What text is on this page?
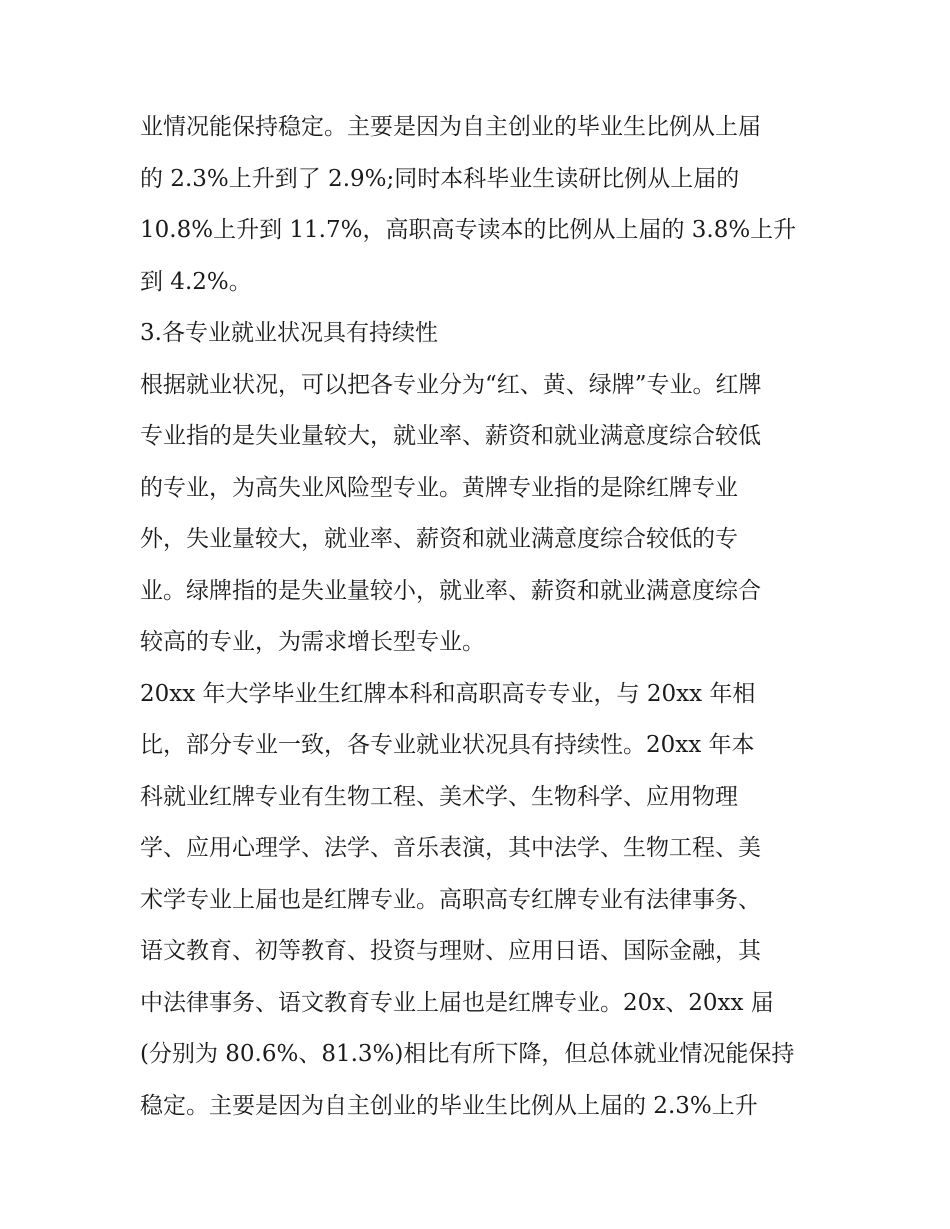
业情况能保持稳定。主要是因为自主创业的毕业生比例从上届
的 2.3%上升到了 2.9%;同时本科毕业生读研比例从上届的
10.8%上升到 11.7%，高职高专读本的比例从上届的 3.8%上升
到 4.2%。
3.各专业就业状况具有持续性
根据就业状况，可以把各专业分为“红、黄、绿牌”专业。红牌
专业指的是失业量较大，就业率、薪资和就业满意度综合较低
的专业，为高失业风险型专业。黄牌专业指的是除红牌专业
外，失业量较大，就业率、薪资和就业满意度综合较低的专
业。绿牌指的是失业量较小，就业率、薪资和就业满意度综合
较高的专业，为需求增长型专业。
20xx 年大学毕业生红牌本科和高职高专专业，与 20xx 年相
比，部分专业一致，各专业就业状况具有持续性。20xx 年本
科就业红牌专业有生物工程、美术学、生物科学、应用物理
学、应用心理学、法学、音乐表演，其中法学、生物工程、美
术学专业上届也是红牌专业。高职高专红牌专业有法律事务、
语文教育、初等教育、投资与理财、应用日语、国际金融，其
中法律事务、语文教育专业上届也是红牌专业。20x、20xx 届
(分别为 80.6%、81.3%)相比有所下降，但总体就业情况能保持
稳定。主要是因为自主创业的毕业生比例从上届的 2.3%上升
